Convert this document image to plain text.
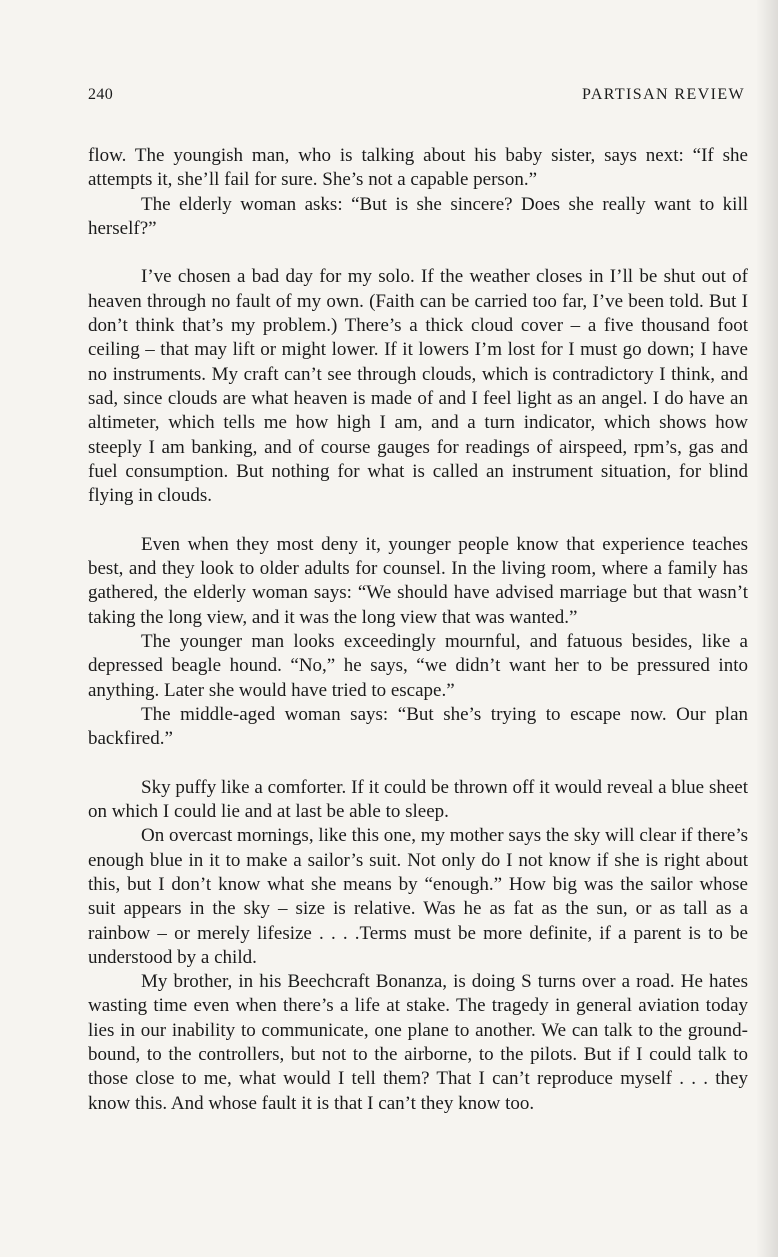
240	PARTISAN REVIEW

flow. The youngish man, who is talking about his baby sister, says next: “If she attempts it, she’ll fail for sure. She’s not a capable person.”

The elderly woman asks: “But is she sincere? Does she really want to kill herself?”

I’ve chosen a bad day for my solo. If the weather closes in I’ll be shut out of heaven through no fault of my own. (Faith can be carried too far, I’ve been told. But I don’t think that’s my problem.) There’s a thick cloud cover – a five thousand foot ceiling – that may lift or might lower. If it lowers I’m lost for I must go down; I have no instruments. My craft can’t see through clouds, which is contradictory I think, and sad, since clouds are what heaven is made of and I feel light as an angel. I do have an altimeter, which tells me how high I am, and a turn indicator, which shows how steeply I am banking, and of course gauges for readings of airspeed, rpm’s, gas and fuel consumption. But nothing for what is called an instrument situation, for blind flying in clouds.

Even when they most deny it, younger people know that experience teaches best, and they look to older adults for counsel. In the living room, where a family has gathered, the elderly woman says: “We should have advised marriage but that wasn’t taking the long view, and it was the long view that was wanted.”

The younger man looks exceedingly mournful, and fatuous besides, like a depressed beagle hound. “No,” he says, “we didn’t want her to be pressured into anything. Later she would have tried to escape.”

The middle-aged woman says: “But she’s trying to escape now. Our plan backfired.”

Sky puffy like a comforter. If it could be thrown off it would reveal a blue sheet on which I could lie and at last be able to sleep.

On overcast mornings, like this one, my mother says the sky will clear if there’s enough blue in it to make a sailor’s suit. Not only do I not know if she is right about this, but I don’t know what she means by “enough.” How big was the sailor whose suit appears in the sky – size is relative. Was he as fat as the sun, or as tall as a rainbow – or merely lifesize . . . .Terms must be more definite, if a parent is to be understood by a child.

My brother, in his Beechcraft Bonanza, is doing S turns over a road. He hates wasting time even when there’s a life at stake. The tragedy in general aviation today lies in our inability to communicate, one plane to another. We can talk to the ground-bound, to the controllers, but not to the airborne, to the pilots. But if I could talk to those close to me, what would I tell them? That I can’t reproduce myself . . . they know this. And whose fault it is that I can’t they know too.
